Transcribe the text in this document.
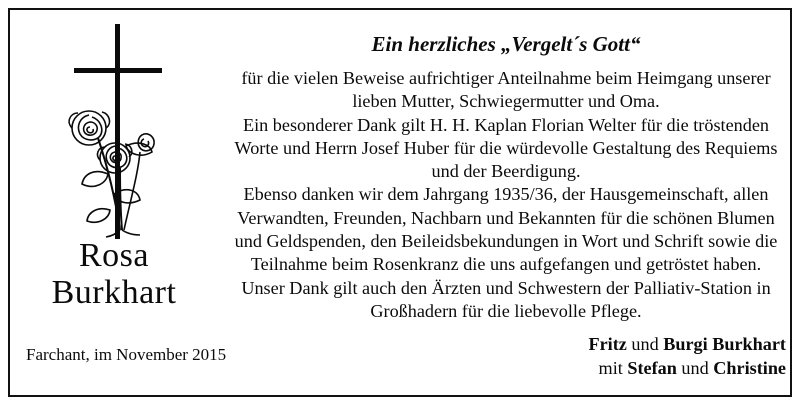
Rosa
Burkhart
Farchant, im November 2015
Ein herzliches „Vergelt´s Gott“

für die vielen Beweise aufrichtiger Anteilnahme beim Heimgang unserer lieben Mutter, Schwiegermutter und Oma.

Ein besonderer Dank gilt H. H. Kaplan Florian Welter für die tröstenden Worte und Herrn Josef Huber für die würdevolle Gestaltung des Requiems und der Beerdigung.

Ebenso danken wir dem Jahrgang 1935/36, der Hausgemeinschaft, allen Verwandten, Freunden, Nachbarn und Bekannten für die schönen Blumen und Geldspenden, den Beileidsbekundungen in Wort und Schrift sowie die Teilnahme beim Rosenkranz die uns aufgefangen und getröstet haben.

Unser Dank gilt auch den Ärzten und Schwestern der Palliativ-Station in Großhadern für die liebevolle Pflege.

Fritz und Burgi Burkhart
mit Stefan und Christine
